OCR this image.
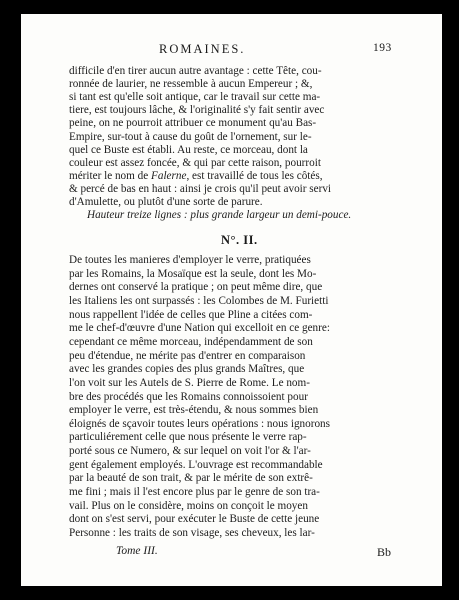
ROMAINES.	193
difficile d'en tirer aucun autre avantage : cette Tête, cou-
ronnée de laurier, ne ressemble à aucun Empereur ; &,
si tant est qu'elle soit antique, car le travail sur cette ma-
tiere, est toujours lâche, & l'originalité s'y fait sentir avec
peine, on ne pourroit attribuer ce monument qu'au Bas-
Empire, sur-tout à cause du goût de l'ornement, sur le-
quel ce Buste est établi. Au reste, ce morceau, dont la
couleur est assez foncée, & qui par cette raison, pourroit
mériter le nom de Falerne, est travaillé de tous les côtés,
& percé de bas en haut : ainsi je crois qu'il peut avoir servi
d'Amulette, ou plutôt d'une sorte de parure.
Hauteur treize lignes : plus grande largeur un demi-pouce.
N°. II.
De toutes les manieres d'employer le verre, pratiquées
par les Romains, la Mosaïque est la seule, dont les Mo-
dernes ont conservé la pratique ; on peut même dire, que
les Italiens les ont surpassés : les Colombes de M. Furietti
nous rappellent l'idée de celles que Pline a citées com-
me le chef-d'œuvre d'une Nation qui excelloit en ce genre:
cependant ce même morceau, indépendamment de son
peu d'étendue, ne mérite pas d'entrer en comparaison
avec les grandes copies des plus grands Maîtres, que
l'on voit sur les Autels de S. Pierre de Rome. Le nom-
bre des procédés que les Romains connoissoient pour
employer le verre, est très-étendu, & nous sommes bien
éloignés de sçavoir toutes leurs opérations : nous ignorons
particuliérement celle que nous présente le verre rap-
porté sous ce Numero, & sur lequel on voit l'or & l'ar-
gent également employés. L'ouvrage est recommandable
par la beauté de son trait, & par le mérite de son extrê-
me fini ; mais il l'est encore plus par le genre de son tra-
vail. Plus on le considère, moins on conçoit le moyen
dont on s'est servi, pour exécuter le Buste de cette jeune
Personne : les traits de son visage, ses cheveux, les lar-
Tome III.	Bb
